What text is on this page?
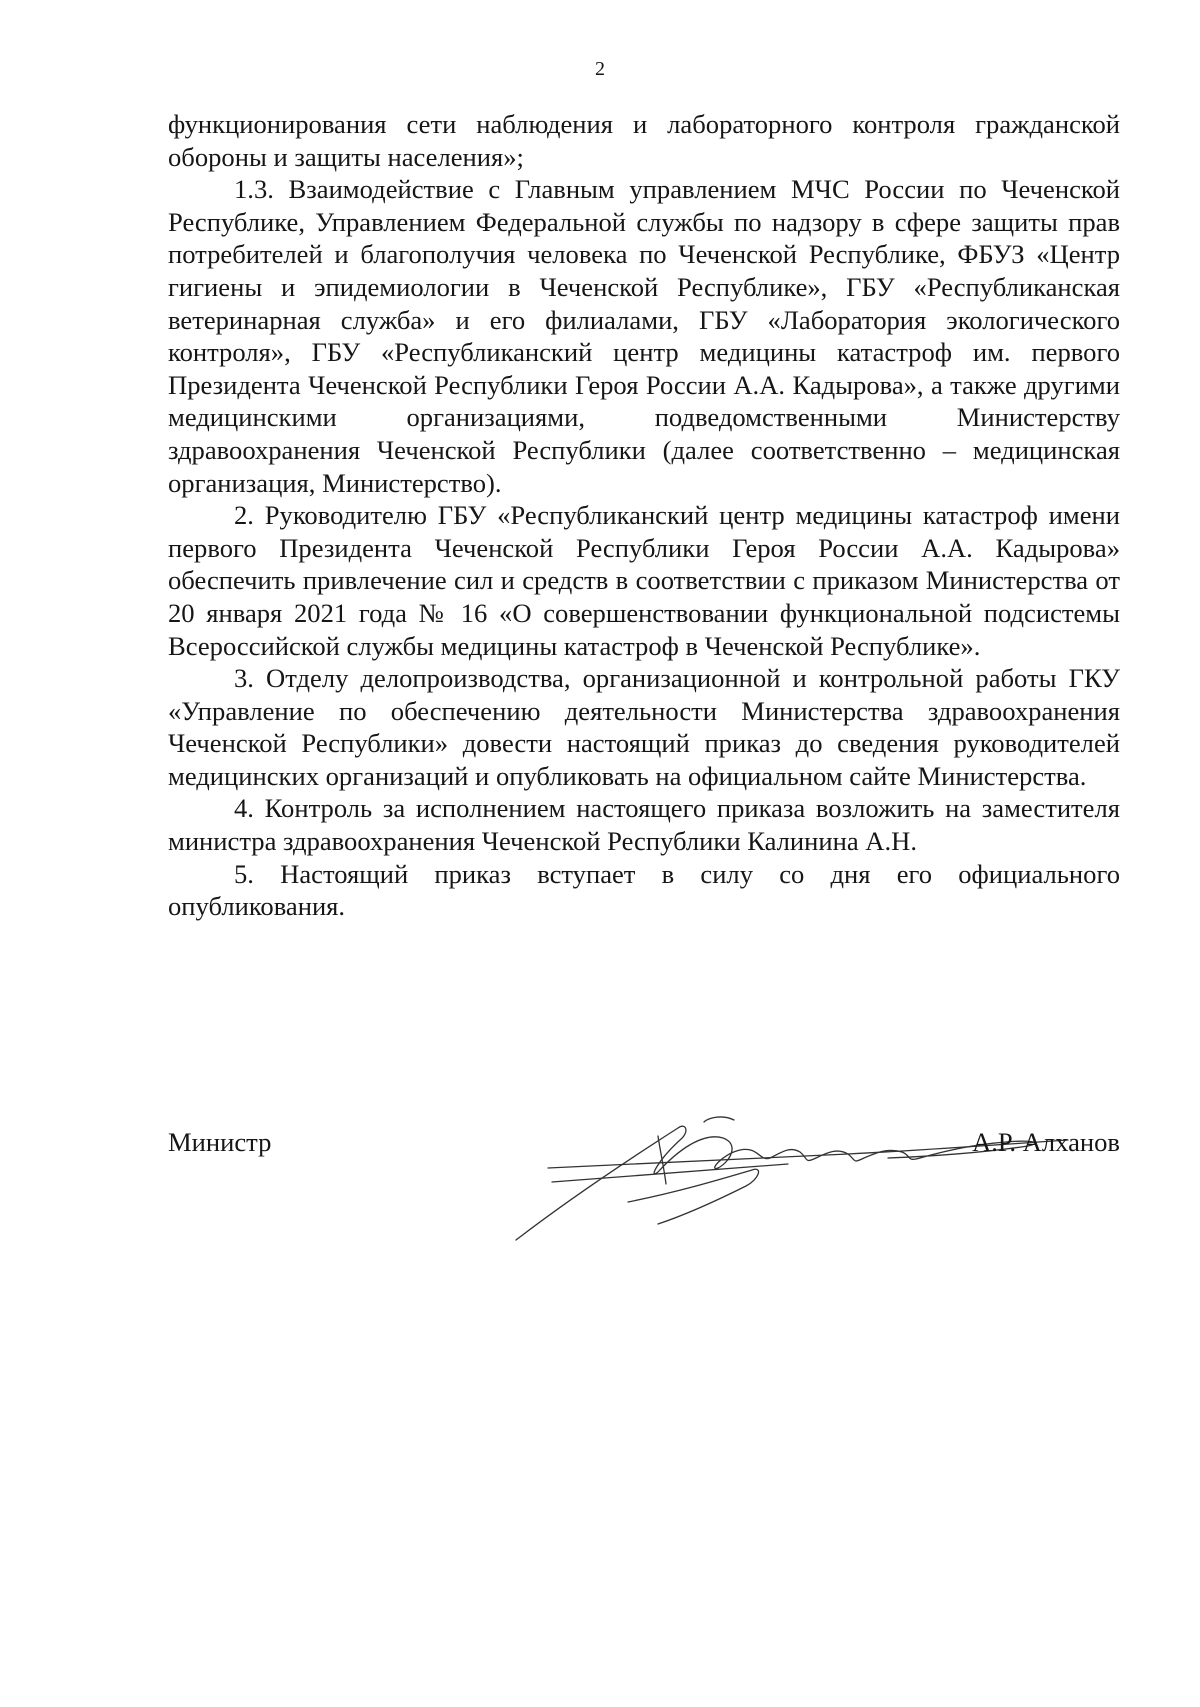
2

функционирования сети наблюдения и лабораторного контроля гражданской обороны и защиты населения»;

1.3. Взаимодействие с Главным управлением МЧС России по Чеченской Республике, Управлением Федеральной службы по надзору в сфере защиты прав потребителей и благополучия человека по Чеченской Республике, ФБУЗ «Центр гигиены и эпидемиологии в Чеченской Республике», ГБУ «Республиканская ветеринарная служба» и его филиалами, ГБУ «Лаборатория экологического контроля», ГБУ «Республиканский центр медицины катастроф им. первого Президента Чеченской Республики Героя России А.А. Кадырова», а также другими медицинскими организациями, подведомственными Министерству здравоохранения Чеченской Республики (далее соответственно – медицинская организация, Министерство).

2. Руководителю ГБУ «Республиканский центр медицины катастроф имени первого Президента Чеченской Республики Героя России А.А. Кадырова» обеспечить привлечение сил и средств в соответствии с приказом Министерства от 20 января 2021 года № 16 «О совершенствовании функциональной подсистемы Всероссийской службы медицины катастроф в Чеченской Республике».

3. Отделу делопроизводства, организационной и контрольной работы ГКУ «Управление по обеспечению деятельности Министерства здравоохранения Чеченской Республики» довести настоящий приказ до сведения руководителей медицинских организаций и опубликовать на официальном сайте Министерства.

4. Контроль за исполнением настоящего приказа возложить на заместителя министра здравоохранения Чеченской Республики Калинина А.Н.

5. Настоящий приказ вступает в силу со дня его официального опубликования.

Министр	А.Р. Алханов
